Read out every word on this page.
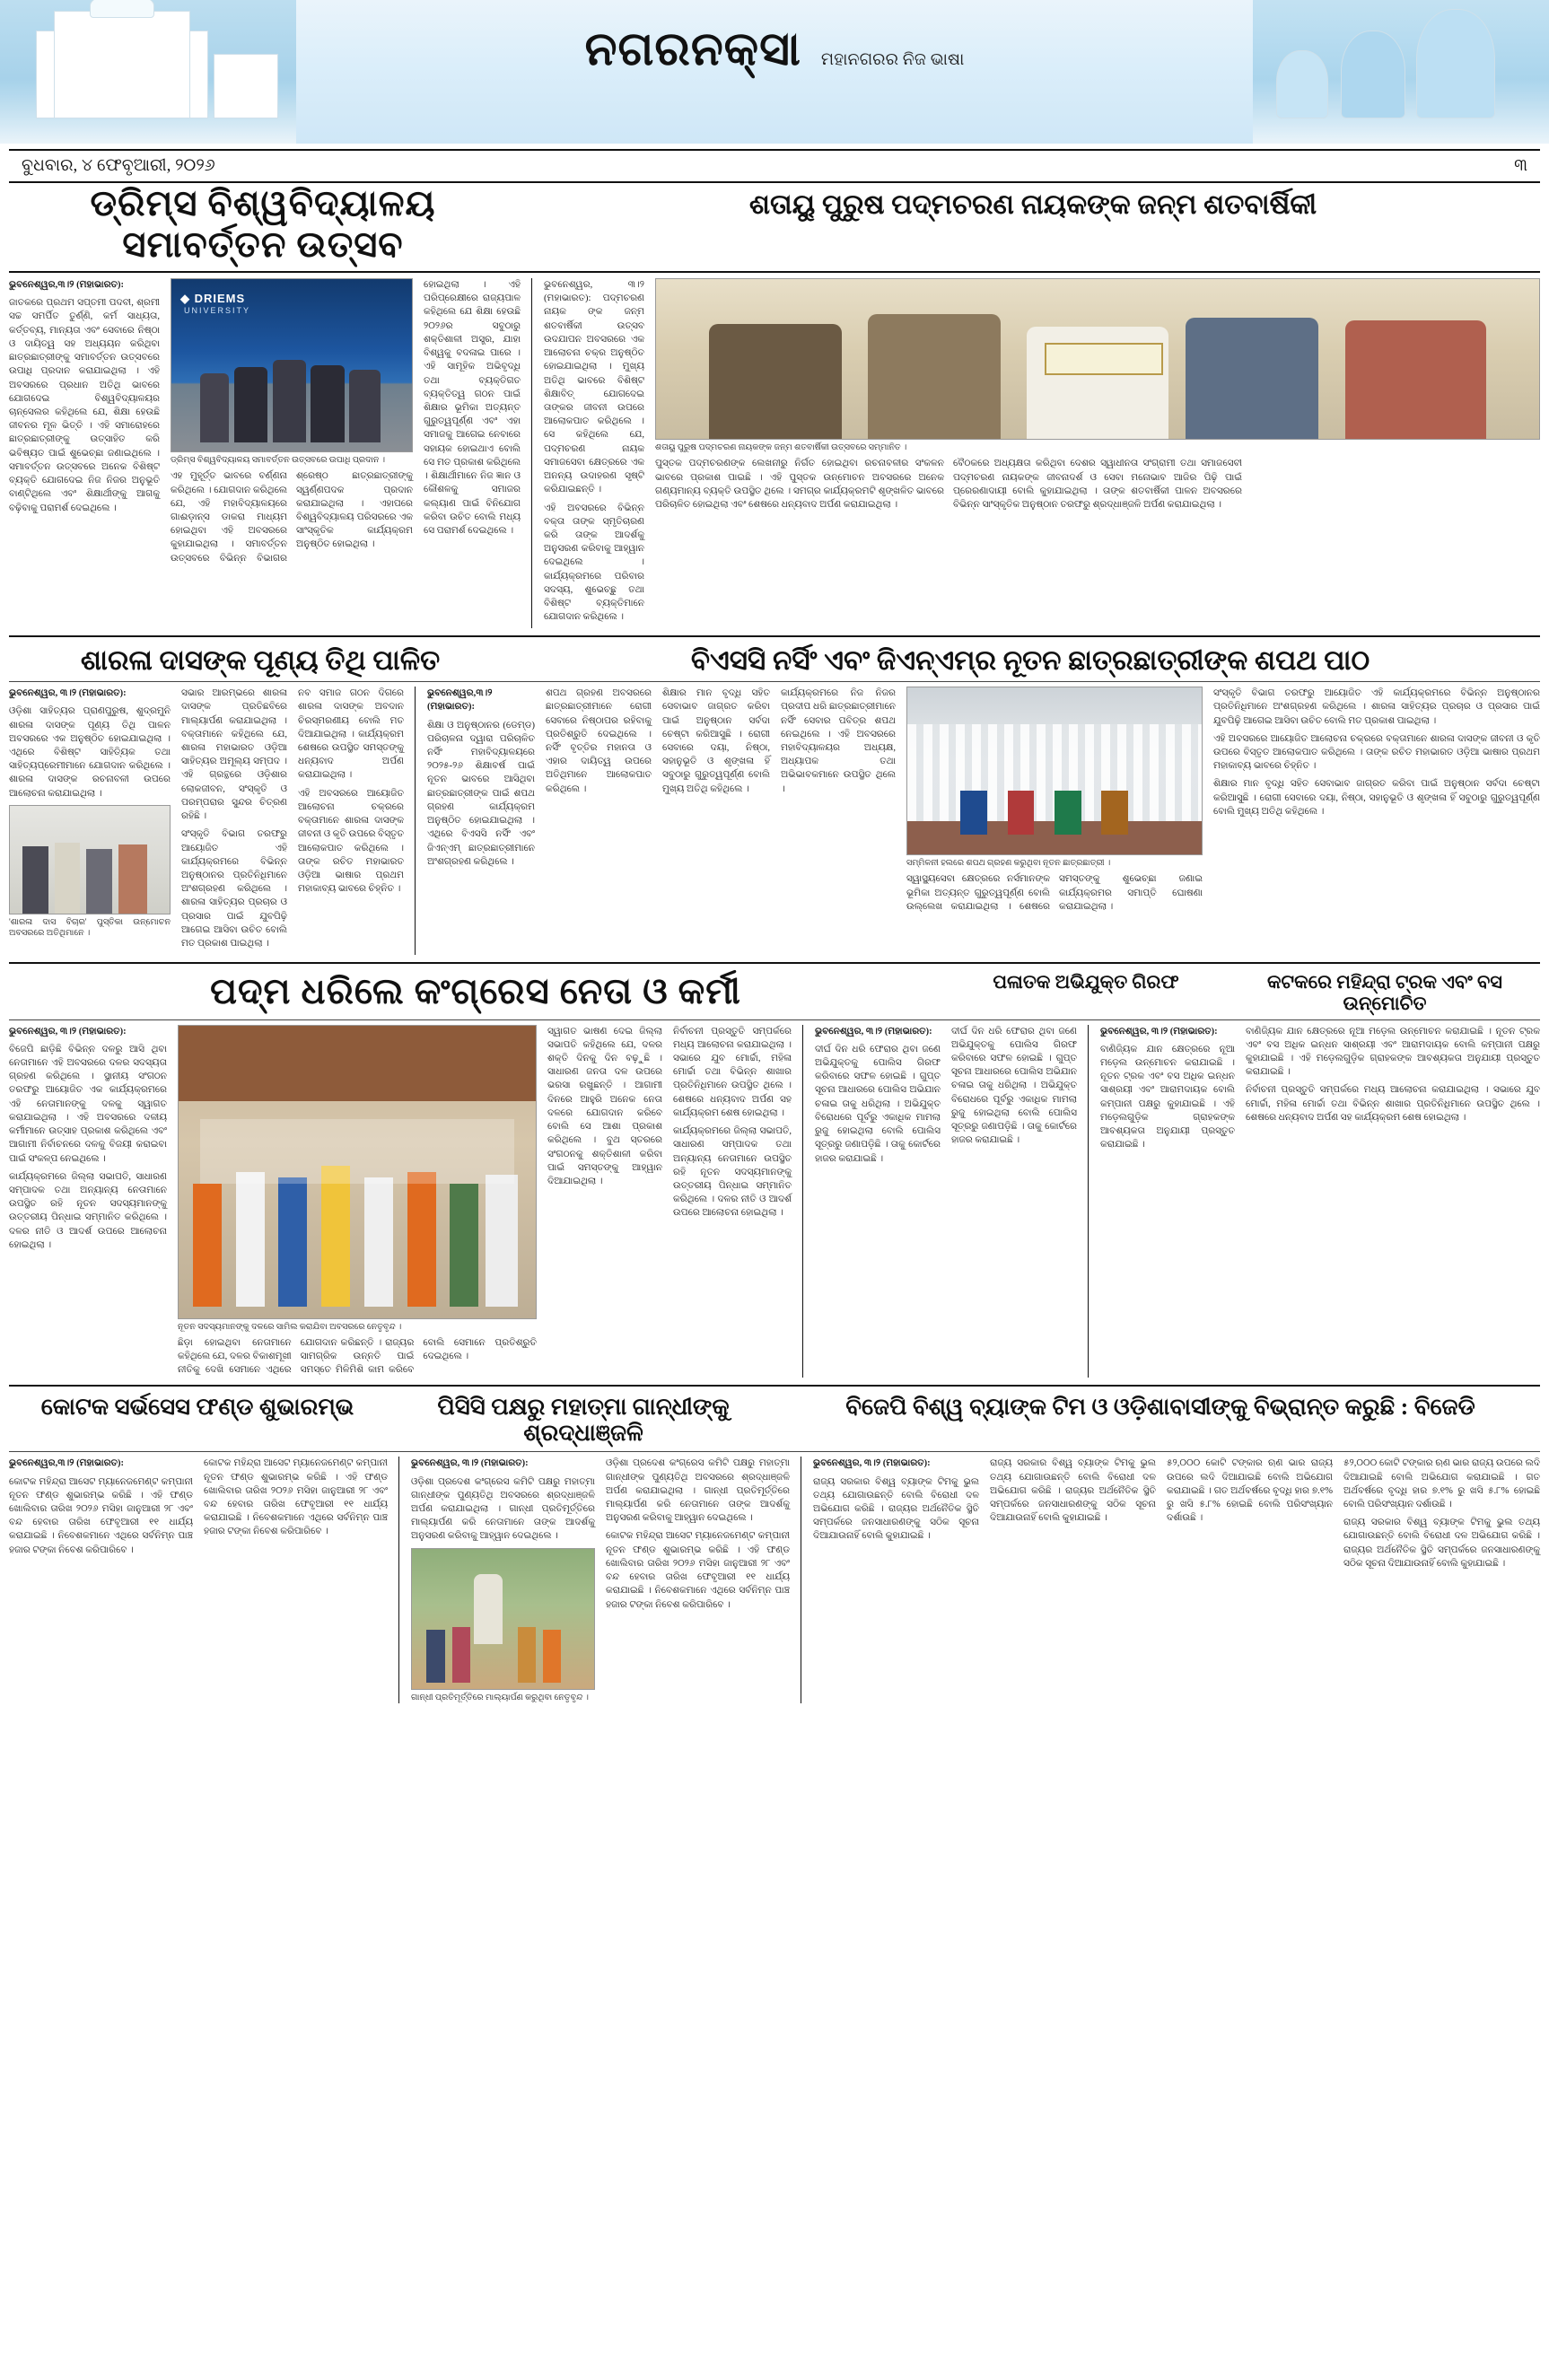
ନଗରନକ୍ସା ମହାନଗରର ନିଜ ଭାଷା
ବୁଧବାର, ୪ ଫେବୃଆରୀ, ୨୦୨୬	୩
ଡ୍ରିମ୍ସ ବିଶ୍ୱବିଦ୍ୟାଳୟ ସମାବର୍ତ୍ତନ ଉତ୍ସବ
ଶତାୟୁ ପୁରୁଷ ପଦ୍ମଚରଣ ନାୟକଙ୍କ ଜନ୍ମ ଶତବାର୍ଷିକୀ

ଭୁବନେଶ୍ୱର,୩।୨ (ମହାଭାରତ):

ଜାତକରେ ପ୍ରଥମ ସପ୍ତମୀ ପଦବୀ, ଶ୍ରମୀ ସଚ୍ଚ ସମର୍ପିତ ତୁର୍ଣ୍ଣି, କର୍ମ ସାଧ୍ୟତା, କର୍ତ୍ତବ୍ୟ, ମାନ୍ୟତା ଏବଂ ସେବାରେ ନିଷ୍ଠା ଓ ଦାୟିତ୍ୱ ସହ ଅଧ୍ୟୟନ କରିଥିବା ଛାତ୍ରଛାତ୍ରୀଙ୍କୁ ସମାବର୍ତ୍ତନ ଉତ୍ସବରେ ଉପାଧି ପ୍ରଦାନ କରାଯାଇଥିଲା । ଏହି ଅବସରରେ ପ୍ରଧାନ ଅତିଥି ଭାବରେ ଯୋଗଦେଇ ବିଶ୍ୱବିଦ୍ୟାଳୟର ଚାନ୍ସେଲର କହିଥିଲେ ଯେ, ଶିକ୍ଷା ହେଉଛି ଜୀବନର ମୂଳ ଭିତ୍ତି । ଏହି ସମାରୋହରେ ଛାତ୍ରଛାତ୍ରୀଙ୍କୁ ଉତ୍ସାହିତ କରି ଭବିଷ୍ୟତ ପାଇଁ ଶୁଭେଚ୍ଛା ଜଣାଇଥିଲେ । ସମାବର୍ତ୍ତନ ଉତ୍ସବରେ ଅନେକ ବିଶିଷ୍ଟ ବ୍ୟକ୍ତି ଯୋଗଦେଇ ନିଜ ନିଜର ଅନୁଭୂତି ବାଣ୍ଟିଥିଲେ ଏବଂ ଶିକ୍ଷାର୍ଥୀଙ୍କୁ ଆଗକୁ ବଢ଼ିବାକୁ ପରାମର୍ଶ ଦେଇଥିଲେ ।

◆ DRIEMS
UNIVERSITY
ଡ୍ରିମ୍ସ ବିଶ୍ୱବିଦ୍ୟାଳୟ ସମାବର୍ତ୍ତନ ଉତ୍ସବରେ ଉପାଧି ପ୍ରଦାନ ।

ଏହ ମୁହୂର୍ତ୍ତ ଭାବରେ ବର୍ଣ୍ଣନା କରିଥିଲେ । ଯୋଗଦାନ କରିଥିଲେ ଯେ, ଏହି ମହାବିଦ୍ୟାଳୟରେ ଗାଈଡ଼ାନ୍ସ ଡାକରା ମାଧ୍ୟମ ହୋଇଥିବା ଏହି ଅବସରରେ କୁହାଯାଇଥିଲା । ସମାବର୍ତ୍ତନ ଉତ୍ସବରେ ବିଭିନ୍ନ ବିଭାଗର ଶ୍ରେଷ୍ଠ ଛାତ୍ରଛାତ୍ରୀଙ୍କୁ ସ୍ୱର୍ଣ୍ଣପଦକ ପ୍ରଦାନ କରାଯାଇଥିଲା । ଏହାପରେ ବିଶ୍ୱବିଦ୍ୟାଳୟ ପରିସରରେ ଏକ ସାଂସ୍କୃତିକ କାର୍ଯ୍ୟକ୍ରମ ଅନୁଷ୍ଠିତ ହୋଇଥିଲା ।

ହୋଇଥିଲା । ଏହି ପରିପ୍ରେକ୍ଷୀରେ ରାଜ୍ୟପାଳ କହିଥିଲେ ଯେ ଶିକ୍ଷା ହେଉଛି ୨୦୨୬ର ସବୁଠାରୁ ଶକ୍ତିଶାଳୀ ଅସ୍ତ୍ର, ଯାହା ବିଶ୍ୱକୁ ବଦଳାଇ ପାରେ । ଏହି ସାମୂହିକ ଅଭିବୃଦ୍ଧି ତଥା ବ୍ୟକ୍ତିଗତ ବ୍ୟକ୍ତିତ୍ୱ ଗଠନ ପାଇଁ ଶିକ୍ଷାର ଭୂମିକା ଅତ୍ୟନ୍ତ ଗୁରୁତ୍ୱପୂର୍ଣ୍ଣ ଏବଂ ଏହା ସମାଜକୁ ଆଗେଇ ନେବାରେ ସହାୟକ ହୋଇଥାଏ ବୋଲି ସେ ମତ ପ୍ରକାଶ କରିଥିଲେ । ଶିକ୍ଷାର୍ଥୀମାନେ ନିଜ ଜ୍ଞାନ ଓ କୌଶଳକୁ ସମାଜର କଲ୍ୟାଣ ପାଇଁ ବିନିଯୋଗ କରିବା ଉଚିତ ବୋଲି ମଧ୍ୟ ସେ ପରାମର୍ଶ ଦେଇଥିଲେ ।

ଭୁବନେଶ୍ୱର, ୩।୨ (ମହାଭାରତ): ପଦ୍ମଚରଣ ନାୟକ ଙ୍କ ଜନ୍ମ ଶତବାର୍ଷିକୀ ଉତ୍ସବ ଉଦଯାପନ ଅବସରରେ ଏକ ଆଲୋଚନା ଚକ୍ର ଅନୁଷ୍ଠିତ ହୋଇଯାଇଥିଲା । ମୁଖ୍ୟ ଅତିଥି ଭାବରେ ବିଶିଷ୍ଟ ଶିକ୍ଷାବିତ୍ ଯୋଗଦେଇ ତାଙ୍କର ଜୀବନୀ ଉପରେ ଆଲୋକପାତ କରିଥିଲେ । ସେ କହିଥିଲେ ଯେ, ପଦ୍ମଚରଣ ନାୟକ ସମାଜସେବା କ୍ଷେତ୍ରରେ ଏକ ଅନନ୍ୟ ଉଦାହରଣ ସୃଷ୍ଟି କରିଯାଇଛନ୍ତି ।

ଏହି ଅବସରରେ ବିଭିନ୍ନ ବକ୍ତା ତାଙ୍କ ସ୍ମୃତିଚାରଣ କରି ତାଙ୍କ ଆଦର୍ଶକୁ ଅନୁସରଣ କରିବାକୁ ଆହ୍ୱାନ ଦେଇଥିଲେ । କାର୍ଯ୍ୟକ୍ରମରେ ପରିବାର ସଦସ୍ୟ, ଶୁଭେଚ୍ଛୁ ତଥା ବିଶିଷ୍ଟ ବ୍ୟକ୍ତିମାନେ ଯୋଗଦାନ କରିଥିଲେ ।

ଶତାୟୁ ପୁରୁଷ ପଦ୍ମଚରଣ ନାୟକଙ୍କ ଜନ୍ମ ଶତବାର୍ଷିକୀ ଉତ୍ସବରେ ସମ୍ମାନିତ ।

ପୁସ୍ତକ ପଦ୍ମଚରଣଙ୍କ ଲେଖନୀରୁ ନିର୍ଗତ ହୋଇଥିବା ରଚନାବଳୀର ସଂକଳନ ଭାବରେ ପ୍ରକାଶ ପାଇଛି । ଏହି ପୁସ୍ତକ ଉନ୍ମୋଚନ ଅବସରରେ ଅନେକ ଗଣ୍ୟମାନ୍ୟ ବ୍ୟକ୍ତି ଉପସ୍ଥିତ ଥିଲେ । ସମଗ୍ର କାର୍ଯ୍ୟକ୍ରମଟି ଶୃଙ୍ଖଳିତ ଭାବରେ ପରିଚାଳିତ ହୋଇଥିଲା ଏବଂ ଶେଷରେ ଧନ୍ୟବାଦ ଅର୍ପଣ କରାଯାଇଥିଲା ।

ବୈଠକରେ ଅଧ୍ୟକ୍ଷତା କରିଥିବା ଦେଶର ସ୍ୱାଧୀନତା ସଂଗ୍ରାମୀ ତଥା ସମାଜସେବୀ ପଦ୍ମଚରଣ ନାୟକଙ୍କ ଜୀବନାଦର୍ଶ ଓ ସେବା ମନୋଭାବ ଆଜିର ପିଢ଼ି ପାଇଁ ପ୍ରେରଣାଦାୟୀ ବୋଲି କୁହାଯାଇଥିଲା । ତାଙ୍କ ଶତବାର୍ଷିକୀ ପାଳନ ଅବସରରେ ବିଭିନ୍ନ ସାଂସ୍କୃତିକ ଅନୁଷ୍ଠାନ ତରଫରୁ ଶ୍ରଦ୍ଧାଞ୍ଜଳି ଅର୍ପଣ କରାଯାଇଥିଲା ।

ଶାରଳା ଦାସଙ୍କ ପୂଣ୍ୟ ତିଥି ପାଳିତ	ବିଏସସି ନର୍ସିଂ ଏବଂ ଜିଏନ୍ଏମ୍ର ନୂତନ ଛାତ୍ରଛାତ୍ରୀଙ୍କ ଶପଥ ପାଠ

ଭୁବନେଶ୍ୱର, ୩।୨ (ମହାଭାରତ):

ଓଡ଼ିଶା ସାହିତ୍ୟର ପ୍ରାଣପୁରୁଷ, ଶୁଦ୍ରମୁନି ଶାରଳା ଦାସଙ୍କ ପୂଣ୍ୟ ତିଥି ପାଳନ ଅବସରରେ ଏକ ଅନୁଷ୍ଠିତ ହୋଇଯାଇଥିଲା । ଏଥିରେ ବିଶିଷ୍ଟ ସାହିତ୍ୟିକ ତଥା ସାହିତ୍ୟପ୍ରେମୀମାନେ ଯୋଗଦାନ କରିଥିଲେ । ଶାରଳା ଦାସଙ୍କ ରଚନାବଳୀ ଉପରେ ଆଲୋଚନା କରାଯାଇଥିଲା ।

'ଶାରଳା ଦାସ ବିଚାର' ପୁସ୍ତିକା ଉନ୍ମୋଚନ ଅବସରରେ ଅତିଥିମାନେ ।

ସଭାର ଆରମ୍ଭରେ ଶାରଳା ଦାସଙ୍କ ପ୍ରତିଛବିରେ ମାଲ୍ୟାର୍ପଣ କରାଯାଇଥିଲା । ବକ୍ତାମାନେ କହିଥିଲେ ଯେ, ଶାରଳା ମହାଭାରତ ଓଡ଼ିଆ ସାହିତ୍ୟର ଅମୂଲ୍ୟ ସମ୍ପଦ । ଏହି ଗ୍ରନ୍ଥରେ ଓଡ଼ିଶାର ଲୋକଜୀବନ, ସଂସ୍କୃତି ଓ ପରମ୍ପରାର ସୁନ୍ଦର ଚିତ୍ରଣ ରହିଛି ।

ସଂସ୍କୃତି ବିଭାଗ ତରଫରୁ ଆୟୋଜିତ ଏହି କାର୍ଯ୍ୟକ୍ରମରେ ବିଭିନ୍ନ ଅନୁଷ୍ଠାନର ପ୍ରତିନିଧିମାନେ ଅଂଶଗ୍ରହଣ କରିଥିଲେ । ଶାରଳା ସାହିତ୍ୟର ପ୍ରଚାର ଓ ପ୍ରସାର ପାଇଁ ଯୁବପିଢ଼ି ଆଗେଇ ଆସିବା ଉଚିତ ବୋଲି ମତ ପ୍ରକାଶ ପାଇଥିଲା ।

ନବ ସମାଜ ଗଠନ ଦିଗରେ ଶାରଳା ଦାସଙ୍କ ଅବଦାନ ଚିରସ୍ମରଣୀୟ ବୋଲି ମତ ଦିଆଯାଇଥିଲା । କାର୍ଯ୍ୟକ୍ରମ ଶେଷରେ ଉପସ୍ଥିତ ସମସ୍ତଙ୍କୁ ଧନ୍ୟବାଦ ଅର୍ପଣ କରାଯାଇଥିଲା ।

ଏହି ଅବସରରେ ଆୟୋଜିତ ଆଲୋଚନା ଚକ୍ରରେ ବକ୍ତାମାନେ ଶାରଳା ଦାସଙ୍କ ଜୀବନୀ ଓ କୃତି ଉପରେ ବିସ୍ତୃତ ଆଲୋକପାତ କରିଥିଲେ । ତାଙ୍କ ରଚିତ ମହାଭାରତ ଓଡ଼ିଆ ଭାଷାର ପ୍ରଥମ ମହାକାବ୍ୟ ଭାବରେ ଚିହ୍ନିତ ।

ଭୁବନେଶ୍ୱର,୩।୨ (ମହାଭାରତ):

ଶିକ୍ଷା ଓ ଅନୁଷ୍ଠାନର (ଡେମ୍ଡ) ପରିଚାଳନା ଦ୍ୱାରା ପରିଚାଳିତ ନର୍ସିଂ ମହାବିଦ୍ୟାଳୟରେ ୨୦୨୫-୨୬ ଶିକ୍ଷାବର୍ଷ ପାଇଁ ନୂତନ ଭାବରେ ଆସିଥିବା ଛାତ୍ରଛାତ୍ରୀଙ୍କ ପାଇଁ ଶପଥ ଗ୍ରହଣ କାର୍ଯ୍ୟକ୍ରମ ଅନୁଷ୍ଠିତ ହୋଇଯାଇଥିଲା । ଏଥିରେ ବିଏସସି ନର୍ସିଂ ଏବଂ ଜିଏନ୍ଏମ୍ ଛାତ୍ରଛାତ୍ରୀମାନେ ଅଂଶଗ୍ରହଣ କରିଥିଲେ ।

ଶପଥ ଗ୍ରହଣ ଅବସରରେ ଛାତ୍ରଛାତ୍ରୀମାନେ ରୋଗୀ ସେବାରେ ନିଷ୍ଠାପର ରହିବାକୁ ପ୍ରତିଶ୍ରୁତି ଦେଇଥିଲେ । ନର୍ସିଂ ବୃତ୍ତିର ମହାନତା ଓ ଏହାର ଦାୟିତ୍ୱ ଉପରେ ଅତିଥିମାନେ ଆଲୋକପାତ କରିଥିଲେ ।

ଶିକ୍ଷାର ମାନ ବୃଦ୍ଧି ସହିତ ସେବାଭାବ ଜାଗ୍ରତ କରିବା ପାଇଁ ଅନୁଷ୍ଠାନ ସର୍ବଦା ଚେଷ୍ଟା କରିଆସୁଛି । ରୋଗୀ ସେବାରେ ଦୟା, ନିଷ୍ଠା, ସହାନୁଭୂତି ଓ ଶୃଙ୍ଖଳା ହିଁ ସବୁଠାରୁ ଗୁରୁତ୍ୱପୂର୍ଣ୍ଣ ବୋଲି ମୁଖ୍ୟ ଅତିଥି କହିଥିଲେ ।

କାର୍ଯ୍ୟକ୍ରମରେ ନିଜ ନିଜର ପ୍ରଦୀପ ଧରି ଛାତ୍ରଛାତ୍ରୀମାନେ ନର୍ସିଂ ସେବାର ପବିତ୍ର ଶପଥ ନେଇଥିଲେ । ଏହି ଅବସରରେ ମହାବିଦ୍ୟାଳୟର ଅଧ୍ୟକ୍ଷ, ଅଧ୍ୟାପକ ତଥା ଅଭିଭାବକମାନେ ଉପସ୍ଥିତ ଥିଲେ ।

ସମ୍ମିଳନୀ ହଲରେ ଶପଥ ଗ୍ରହଣ କରୁଥିବା ନୂତନ ଛାତ୍ରଛାତ୍ରୀ ।

ସ୍ୱାସ୍ଥ୍ୟସେବା କ୍ଷେତ୍ରରେ ନର୍ସମାନଙ୍କ ଭୂମିକା ଅତ୍ୟନ୍ତ ଗୁରୁତ୍ୱପୂର୍ଣ୍ଣ ବୋଲି ଉଲ୍ଲେଖ କରାଯାଇଥିଲା । ଶେଷରେ ସମସ୍ତଙ୍କୁ ଶୁଭେଚ୍ଛା ଜଣାଇ କାର୍ଯ୍ୟକ୍ରମର ସମାପ୍ତି ଘୋଷଣା କରାଯାଇଥିଲା ।

ସଂସ୍କୃତି ବିଭାଗ ତରଫରୁ ଆୟୋଜିତ ଏହି କାର୍ଯ୍ୟକ୍ରମରେ ବିଭିନ୍ନ ଅନୁଷ୍ଠାନର ପ୍ରତିନିଧିମାନେ ଅଂଶଗ୍ରହଣ କରିଥିଲେ । ଶାରଳା ସାହିତ୍ୟର ପ୍ରଚାର ଓ ପ୍ରସାର ପାଇଁ ଯୁବପିଢ଼ି ଆଗେଇ ଆସିବା ଉଚିତ ବୋଲି ମତ ପ୍ରକାଶ ପାଇଥିଲା ।

ଏହି ଅବସରରେ ଆୟୋଜିତ ଆଲୋଚନା ଚକ୍ରରେ ବକ୍ତାମାନେ ଶାରଳା ଦାସଙ୍କ ଜୀବନୀ ଓ କୃତି ଉପରେ ବିସ୍ତୃତ ଆଲୋକପାତ କରିଥିଲେ । ତାଙ୍କ ରଚିତ ମହାଭାରତ ଓଡ଼ିଆ ଭାଷାର ପ୍ରଥମ ମହାକାବ୍ୟ ଭାବରେ ଚିହ୍ନିତ ।

ଶିକ୍ଷାର ମାନ ବୃଦ୍ଧି ସହିତ ସେବାଭାବ ଜାଗ୍ରତ କରିବା ପାଇଁ ଅନୁଷ୍ଠାନ ସର୍ବଦା ଚେଷ୍ଟା କରିଆସୁଛି । ରୋଗୀ ସେବାରେ ଦୟା, ନିଷ୍ଠା, ସହାନୁଭୂତି ଓ ଶୃଙ୍ଖଳା ହିଁ ସବୁଠାରୁ ଗୁରୁତ୍ୱପୂର୍ଣ୍ଣ ବୋଲି ମୁଖ୍ୟ ଅତିଥି କହିଥିଲେ ।

ପଦ୍ମ ଧରିଲେ କଂଗ୍ରେସ ନେତା ଓ କର୍ମୀ	ପଳାତକ ଅଭିଯୁକ୍ତ ଗିରଫ	କଟକରେ ମହିନ୍ଦ୍ରା ଟ୍ରକ ଏବଂ ବସ ଉନ୍ମୋଚିତ

ଭୁବନେଶ୍ୱର, ୩।୨ (ମହାଭାରତ):

ବିଜେପି ଛାଡ଼ିଛି ବିଭିନ୍ନ ଦଳରୁ ଆସି ଥିବା ନେତାମାନେ ଏହି ଅବସରରେ ଦଳର ସଦସ୍ୟତା ଗ୍ରହଣ କରିଥିଲେ । ସ୍ଥାନୀୟ ସଂଗଠନ ତରଫରୁ ଆୟୋଜିତ ଏକ କାର୍ଯ୍ୟକ୍ରମରେ ଏହି ନେତାମାନଙ୍କୁ ଦଳକୁ ସ୍ୱାଗତ କରାଯାଇଥିଲା । ଏହି ଅବସରରେ ଦଳୀୟ କର୍ମୀମାନେ ଉତ୍ସାହ ପ୍ରକାଶ କରିଥିଲେ ଏବଂ ଆଗାମୀ ନିର୍ବାଚନରେ ଦଳକୁ ବିଜୟୀ କରାଇବା ପାଇଁ ସଂକଳ୍ପ ନେଇଥିଲେ ।

କାର୍ଯ୍ୟକ୍ରମରେ ଜିଲ୍ଲା ସଭାପତି, ସାଧାରଣ ସମ୍ପାଦକ ତଥା ଅନ୍ୟାନ୍ୟ ନେତାମାନେ ଉପସ୍ଥିତ ରହି ନୂତନ ସଦସ୍ୟମାନଙ୍କୁ ଉତ୍ତରୀୟ ପିନ୍ଧାଇ ସମ୍ମାନିତ କରିଥିଲେ । ଦଳର ନୀତି ଓ ଆଦର୍ଶ ଉପରେ ଆଲୋଚନା ହୋଇଥିଲା ।

ନୂତନ ସଦସ୍ୟମାନଙ୍କୁ ଦଳରେ ସାମିଲ କରାଯିବା ଅବସରରେ ନେତୃବୃନ୍ଦ ।

ଛିଡ଼ା ହୋଇଥିବା ନେତାମାନେ କହିଥିଲେ ଯେ, ଦଳର ବିକାଶମୂଖୀ ନୀତିକୁ ଦେଖି ସେମାନେ ଏଥିରେ ଯୋଗଦାନ କରିଛନ୍ତି । ରାଜ୍ୟର ସାମଗ୍ରିକ ଉନ୍ନତି ପାଇଁ ସମସ୍ତେ ମିଳିମିଶି କାମ କରିବେ ବୋଲି ସେମାନେ ପ୍ରତିଶ୍ରୁତି ଦେଇଥିଲେ ।

ସ୍ୱାଗତ ଭାଷଣ ଦେଇ ଜିଲ୍ଲା ସଭାପତି କହିଥିଲେ ଯେ, ଦଳର ଶକ୍ତି ଦିନକୁ ଦିନ ବଢ଼ୁଛି । ସାଧାରଣ ଜନତା ଦଳ ଉପରେ ଭରସା ରଖୁଛନ୍ତି । ଆଗାମୀ ଦିନରେ ଆହୁରି ଅନେକ ନେତା ଦଳରେ ଯୋଗଦାନ କରିବେ ବୋଲି ସେ ଆଶା ପ୍ରକାଶ କରିଥିଲେ । ବୁଥ ସ୍ତରରେ ସଂଗଠନକୁ ଶକ୍ତିଶାଳୀ କରିବା ପାଇଁ ସମସ୍ତଙ୍କୁ ଆହ୍ୱାନ ଦିଆଯାଇଥିଲା ।

ନିର୍ବାଚନୀ ପ୍ରସ୍ତୁତି ସମ୍ପର୍କରେ ମଧ୍ୟ ଆଲୋଚନା କରାଯାଇଥିଲା । ସଭାରେ ଯୁବ ମୋର୍ଚ୍ଚା, ମହିଳା ମୋର୍ଚ୍ଚା ତଥା ବିଭିନ୍ନ ଶାଖାର ପ୍ରତିନିଧିମାନେ ଉପସ୍ଥିତ ଥିଲେ । ଶେଷରେ ଧନ୍ୟବାଦ ଅର୍ପଣ ସହ କାର୍ଯ୍ୟକ୍ରମ ଶେଷ ହୋଇଥିଲା ।

କାର୍ଯ୍ୟକ୍ରମରେ ଜିଲ୍ଲା ସଭାପତି, ସାଧାରଣ ସମ୍ପାଦକ ତଥା ଅନ୍ୟାନ୍ୟ ନେତାମାନେ ଉପସ୍ଥିତ ରହି ନୂତନ ସଦସ୍ୟମାନଙ୍କୁ ଉତ୍ତରୀୟ ପିନ୍ଧାଇ ସମ୍ମାନିତ କରିଥିଲେ । ଦଳର ନୀତି ଓ ଆଦର୍ଶ ଉପରେ ଆଲୋଚନା ହୋଇଥିଲା ।

ଭୁବନେଶ୍ୱର, ୩।୨ (ମହାଭାରତ):

ଦୀର୍ଘ ଦିନ ଧରି ଫେରାର ଥିବା ଜଣେ ଅଭିଯୁକ୍ତକୁ ପୋଲିସ ଗିରଫ କରିବାରେ ସଫଳ ହୋଇଛି । ଗୁପ୍ତ ସୂଚନା ଆଧାରରେ ପୋଲିସ ଅଭିଯାନ ଚଳାଇ ତାକୁ ଧରିଥିଲା । ଅଭିଯୁକ୍ତ ବିରୋଧରେ ପୂର୍ବରୁ ଏକାଧିକ ମାମଲା ରୁଜୁ ହୋଇଥିଲା ବୋଲି ପୋଲିସ ସୂତ୍ରରୁ ଜଣାପଡ଼ିଛି । ତାକୁ କୋର୍ଟରେ ହାଜର କରାଯାଇଛି ।

ଦୀର୍ଘ ଦିନ ଧରି ଫେରାର ଥିବା ଜଣେ ଅଭିଯୁକ୍ତକୁ ପୋଲିସ ଗିରଫ କରିବାରେ ସଫଳ ହୋଇଛି । ଗୁପ୍ତ ସୂଚନା ଆଧାରରେ ପୋଲିସ ଅଭିଯାନ ଚଳାଇ ତାକୁ ଧରିଥିଲା । ଅଭିଯୁକ୍ତ ବିରୋଧରେ ପୂର୍ବରୁ ଏକାଧିକ ମାମଲା ରୁଜୁ ହୋଇଥିଲା ବୋଲି ପୋଲିସ ସୂତ୍ରରୁ ଜଣାପଡ଼ିଛି । ତାକୁ କୋର୍ଟରେ ହାଜର କରାଯାଇଛି ।

ଭୁବନେଶ୍ୱର, ୩।୨ (ମହାଭାରତ):

ବାଣିଜ୍ୟିକ ଯାନ କ୍ଷେତ୍ରରେ ନୂଆ ମଡ଼େଲ ଉନ୍ମୋଚନ କରାଯାଇଛି । ନୂତନ ଟ୍ରକ ଏବଂ ବସ ଅଧିକ ଇନ୍ଧନ ସାଶ୍ରୟୀ ଏବଂ ଆରାମଦାୟକ ବୋଲି କମ୍ପାନୀ ପକ୍ଷରୁ କୁହାଯାଇଛି । ଏହି ମଡ଼େଲଗୁଡ଼ିକ ଗ୍ରାହକଙ୍କ ଆବଶ୍ୟକତା ଅନୁଯାୟୀ ପ୍ରସ୍ତୁତ କରାଯାଇଛି ।

ବାଣିଜ୍ୟିକ ଯାନ କ୍ଷେତ୍ରରେ ନୂଆ ମଡ଼େଲ ଉନ୍ମୋଚନ କରାଯାଇଛି । ନୂତନ ଟ୍ରକ ଏବଂ ବସ ଅଧିକ ଇନ୍ଧନ ସାଶ୍ରୟୀ ଏବଂ ଆରାମଦାୟକ ବୋଲି କମ୍ପାନୀ ପକ୍ଷରୁ କୁହାଯାଇଛି । ଏହି ମଡ଼େଲଗୁଡ଼ିକ ଗ୍ରାହକଙ୍କ ଆବଶ୍ୟକତା ଅନୁଯାୟୀ ପ୍ରସ୍ତୁତ କରାଯାଇଛି ।

ନିର୍ବାଚନୀ ପ୍ରସ୍ତୁତି ସମ୍ପର୍କରେ ମଧ୍ୟ ଆଲୋଚନା କରାଯାଇଥିଲା । ସଭାରେ ଯୁବ ମୋର୍ଚ୍ଚା, ମହିଳା ମୋର୍ଚ୍ଚା ତଥା ବିଭିନ୍ନ ଶାଖାର ପ୍ରତିନିଧିମାନେ ଉପସ୍ଥିତ ଥିଲେ । ଶେଷରେ ଧନ୍ୟବାଦ ଅର୍ପଣ ସହ କାର୍ଯ୍ୟକ୍ରମ ଶେଷ ହୋଇଥିଲା ।

କୋଟକ ସର୍ଭସେସ ଫଣ୍ଡ ଶୁଭାରମ୍ଭ	ପିସିସି ପକ୍ଷରୁ ମହାତ୍ମା ଗାନ୍ଧୀଙ୍କୁ ଶ୍ରଦ୍ଧାଞ୍ଜଳି
ବିଜେପି ବିଶ୍ୱ ବ୍ୟାଙ୍କ ଟିମ ଓ ଓଡ଼ିଶାବାସୀଙ୍କୁ ବିଭ୍ରାନ୍ତ କରୁଛି : ବିଜେଡି

ଭୁବନେଶ୍ୱର,୩।୨ (ମହାଭାରତ):

କୋଟକ ମହିନ୍ଦ୍ରା ଆସେଟ ମ୍ୟାନେଜମେଣ୍ଟ କମ୍ପାନୀ ନୂତନ ଫଣ୍ଡ ଶୁଭାରମ୍ଭ କରିଛି । ଏହି ଫଣ୍ଡ ଖୋଲିବାର ତାରିଖ ୨୦୨୬ ମସିହା ଜାନୁଆରୀ ୨୮ ଏବଂ ବନ୍ଦ ହେବାର ତାରିଖ ଫେବୃଆରୀ ୧୧ ଧାର୍ଯ୍ୟ କରାଯାଇଛି । ନିବେଶକମାନେ ଏଥିରେ ସର୍ବନିମ୍ନ ପାଞ୍ଚ ହଜାର ଟଙ୍କା ନିବେଶ କରିପାରିବେ ।

କୋଟକ ମହିନ୍ଦ୍ରା ଆସେଟ ମ୍ୟାନେଜମେଣ୍ଟ କମ୍ପାନୀ ନୂତନ ଫଣ୍ଡ ଶୁଭାରମ୍ଭ କରିଛି । ଏହି ଫଣ୍ଡ ଖୋଲିବାର ତାରିଖ ୨୦୨୬ ମସିହା ଜାନୁଆରୀ ୨୮ ଏବଂ ବନ୍ଦ ହେବାର ତାରିଖ ଫେବୃଆରୀ ୧୧ ଧାର୍ଯ୍ୟ କରାଯାଇଛି । ନିବେଶକମାନେ ଏଥିରେ ସର୍ବନିମ୍ନ ପାଞ୍ଚ ହଜାର ଟଙ୍କା ନିବେଶ କରିପାରିବେ ।

ଭୁବନେଶ୍ୱର, ୩।୨ (ମହାଭାରତ):

ଓଡ଼ିଶା ପ୍ରଦେଶ କଂଗ୍ରେସ କମିଟି ପକ୍ଷରୁ ମହାତ୍ମା ଗାନ୍ଧୀଙ୍କ ପୁଣ୍ୟତିଥି ଅବସରରେ ଶ୍ରଦ୍ଧାଞ୍ଜଳି ଅର୍ପଣ କରାଯାଇଥିଲା । ଗାନ୍ଧୀ ପ୍ରତିମୂର୍ତ୍ତିରେ ମାଲ୍ୟାର୍ପଣ କରି ନେତାମାନେ ତାଙ୍କ ଆଦର୍ଶକୁ ଅନୁସରଣ କରିବାକୁ ଆହ୍ୱାନ ଦେଇଥିଲେ ।

ଗାନ୍ଧୀ ପ୍ରତିମୂର୍ତ୍ତିରେ ମାଲ୍ୟାର୍ପଣ କରୁଥିବା ନେତୃବୃନ୍ଦ ।

ଓଡ଼ିଶା ପ୍ରଦେଶ କଂଗ୍ରେସ କମିଟି ପକ୍ଷରୁ ମହାତ୍ମା ଗାନ୍ଧୀଙ୍କ ପୁଣ୍ୟତିଥି ଅବସରରେ ଶ୍ରଦ୍ଧାଞ୍ଜଳି ଅର୍ପଣ କରାଯାଇଥିଲା । ଗାନ୍ଧୀ ପ୍ରତିମୂର୍ତ୍ତିରେ ମାଲ୍ୟାର୍ପଣ କରି ନେତାମାନେ ତାଙ୍କ ଆଦର୍ଶକୁ ଅନୁସରଣ କରିବାକୁ ଆହ୍ୱାନ ଦେଇଥିଲେ ।

କୋଟକ ମହିନ୍ଦ୍ରା ଆସେଟ ମ୍ୟାନେଜମେଣ୍ଟ କମ୍ପାନୀ ନୂତନ ଫଣ୍ଡ ଶୁଭାରମ୍ଭ କରିଛି । ଏହି ଫଣ୍ଡ ଖୋଲିବାର ତାରିଖ ୨୦୨୬ ମସିହା ଜାନୁଆରୀ ୨୮ ଏବଂ ବନ୍ଦ ହେବାର ତାରିଖ ଫେବୃଆରୀ ୧୧ ଧାର୍ଯ୍ୟ କରାଯାଇଛି । ନିବେଶକମାନେ ଏଥିରେ ସର୍ବନିମ୍ନ ପାଞ୍ଚ ହଜାର ଟଙ୍କା ନିବେଶ କରିପାରିବେ ।

ଭୁବନେଶ୍ୱର, ୩।୨ (ମହାଭାରତ):

ରାଜ୍ୟ ସରକାର ବିଶ୍ୱ ବ୍ୟାଙ୍କ ଟିମକୁ ଭୁଲ ତଥ୍ୟ ଯୋଗାଉଛନ୍ତି ବୋଲି ବିରୋଧୀ ଦଳ ଅଭିଯୋଗ କରିଛି । ରାଜ୍ୟର ଅର୍ଥନୈତିକ ସ୍ଥିତି ସମ୍ପର୍କରେ ଜନସାଧାରଣଙ୍କୁ ସଠିକ ସୂଚନା ଦିଆଯାଉନାହିଁ ବୋଲି କୁହାଯାଇଛି ।

ରାଜ୍ୟ ସରକାର ବିଶ୍ୱ ବ୍ୟାଙ୍କ ଟିମକୁ ଭୁଲ ତଥ୍ୟ ଯୋଗାଉଛନ୍ତି ବୋଲି ବିରୋଧୀ ଦଳ ଅଭିଯୋଗ କରିଛି । ରାଜ୍ୟର ଅର୍ଥନୈତିକ ସ୍ଥିତି ସମ୍ପର୍କରେ ଜନସାଧାରଣଙ୍କୁ ସଠିକ ସୂଚନା ଦିଆଯାଉନାହିଁ ବୋଲି କୁହାଯାଇଛି ।

୫୨,୦୦୦ କୋଟି ଟଙ୍କାର ଋଣ ଭାର ରାଜ୍ୟ ଉପରେ ଲଦି ଦିଆଯାଇଛି ବୋଲି ଅଭିଯୋଗ କରାଯାଇଛି । ଗତ ଅର୍ଥବର୍ଷରେ ବୃଦ୍ଧି ହାର ୭.୧% ରୁ ଖସି ୫.୮% ହୋଇଛି ବୋଲି ପରିସଂଖ୍ୟାନ ଦର୍ଶାଉଛି ।

୫୨,୦୦୦ କୋଟି ଟଙ୍କାର ଋଣ ଭାର ରାଜ୍ୟ ଉପରେ ଲଦି ଦିଆଯାଇଛି ବୋଲି ଅଭିଯୋଗ କରାଯାଇଛି । ଗତ ଅର୍ଥବର୍ଷରେ ବୃଦ୍ଧି ହାର ୭.୧% ରୁ ଖସି ୫.୮% ହୋଇଛି ବୋଲି ପରିସଂଖ୍ୟାନ ଦର୍ଶାଉଛି ।

ରାଜ୍ୟ ସରକାର ବିଶ୍ୱ ବ୍ୟାଙ୍କ ଟିମକୁ ଭୁଲ ତଥ୍ୟ ଯୋଗାଉଛନ୍ତି ବୋଲି ବିରୋଧୀ ଦଳ ଅଭିଯୋଗ କରିଛି । ରାଜ୍ୟର ଅର୍ଥନୈତିକ ସ୍ଥିତି ସମ୍ପର୍କରେ ଜନସାଧାରଣଙ୍କୁ ସଠିକ ସୂଚନା ଦିଆଯାଉନାହିଁ ବୋଲି କୁହାଯାଇଛି ।
